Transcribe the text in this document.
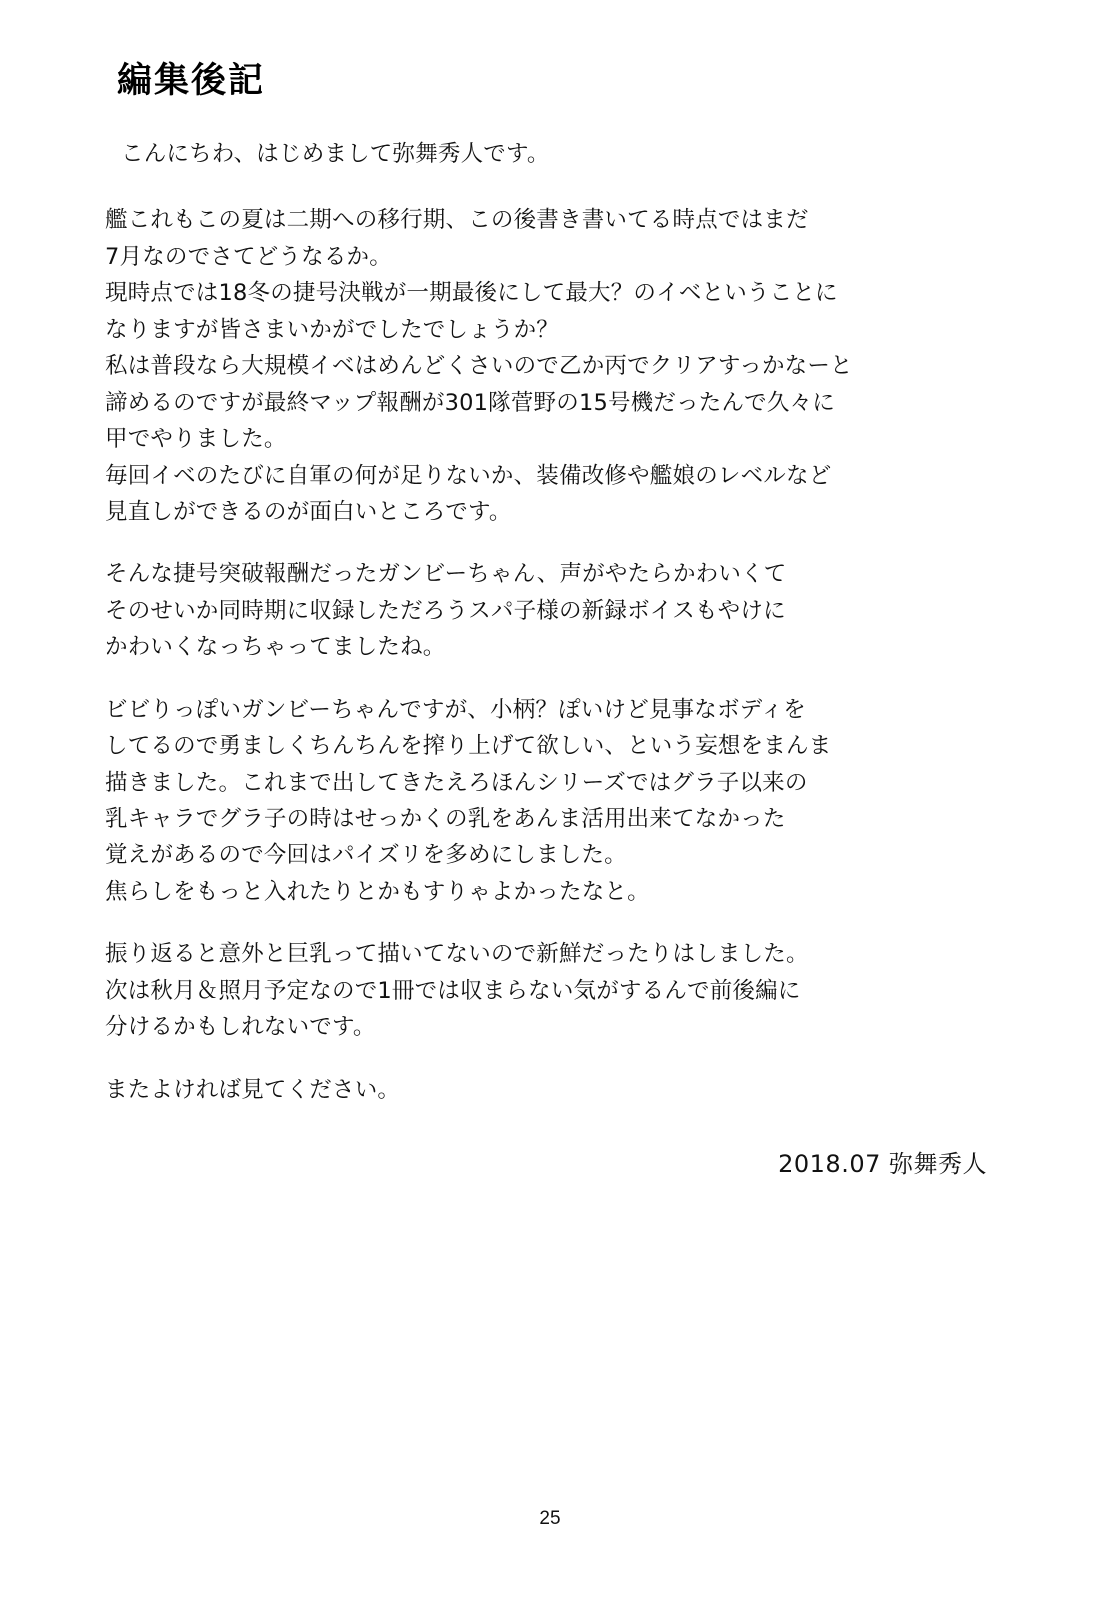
編集後記

こんにちわ、はじめまして弥舞秀人です。

艦これもこの夏は二期への移行期、この後書き書いてる時点ではまだ
7月なのでさてどうなるか。
現時点では18冬の捷号決戦が一期最後にして最大？のイベということに
なりますが皆さまいかがでしたでしょうか？
私は普段なら大規模イベはめんどくさいので乙か丙でクリアすっかなーと
諦めるのですが最終マップ報酬が301隊菅野の15号機だったんで久々に
甲でやりました。
毎回イベのたびに自軍の何が足りないか、装備改修や艦娘のレベルなど
見直しができるのが面白いところです。

そんな捷号突破報酬だったガンビーちゃん、声がやたらかわいくて
そのせいか同時期に収録しただろうスパ子様の新録ボイスもやけに
かわいくなっちゃってましたね。

ビビりっぽいガンビーちゃんですが、小柄？ぽいけど見事なボディを
してるので勇ましくちんちんを搾り上げて欲しい、という妄想をまんま
描きました。これまで出してきたえろほんシリーズではグラ子以来の
乳キャラでグラ子の時はせっかくの乳をあんま活用出来てなかった
覚えがあるので今回はパイズリを多めにしました。
焦らしをもっと入れたりとかもすりゃよかったなと。

振り返ると意外と巨乳って描いてないので新鮮だったりはしました。
次は秋月＆照月予定なので1冊では収まらない気がするんで前後編に
分けるかもしれないです。

またよければ見てください。

2018.07 弥舞秀人
25
